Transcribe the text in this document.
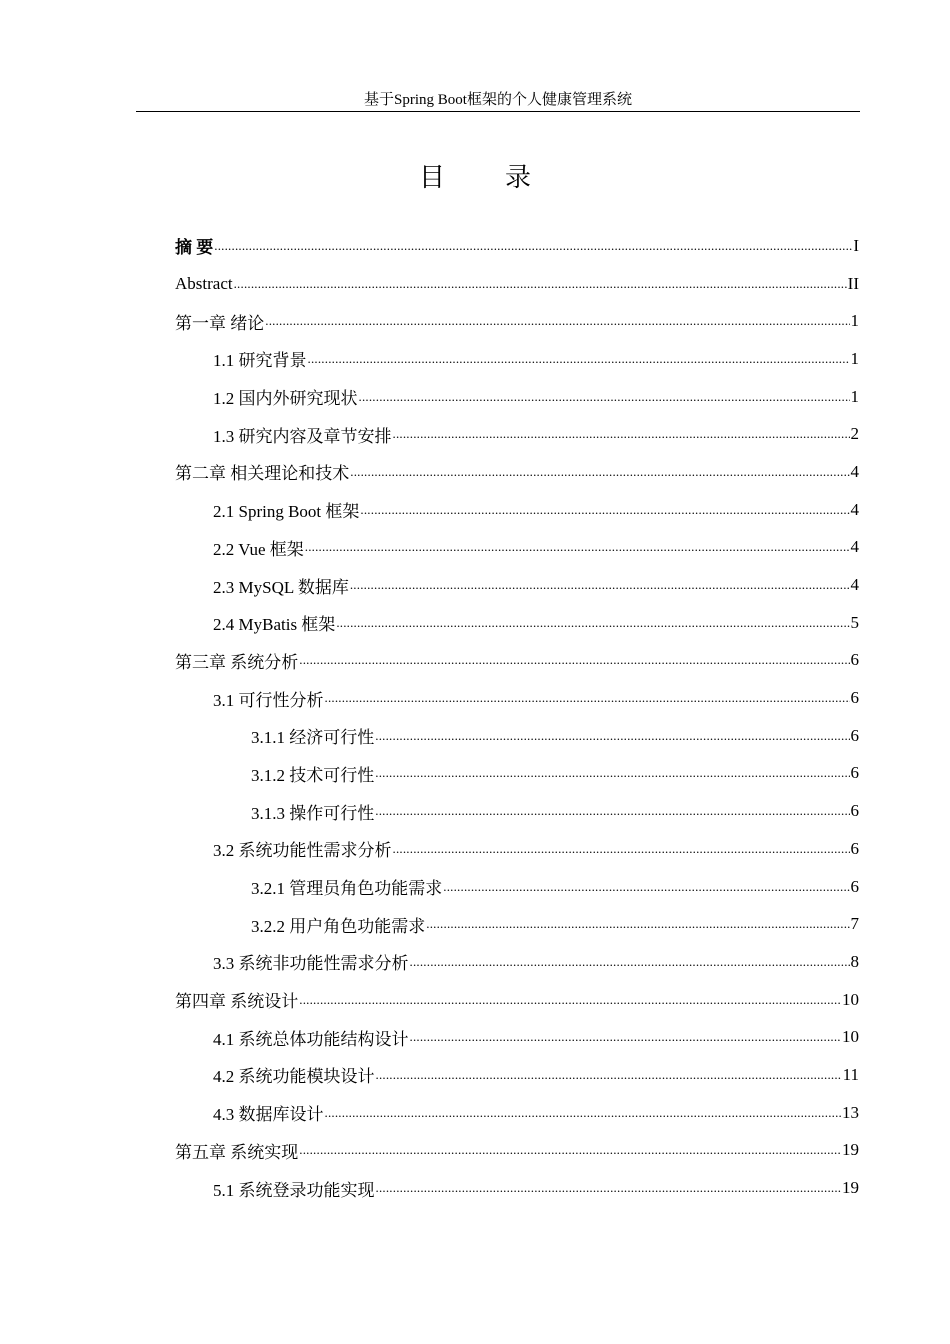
基于Spring Boot框架的个人健康管理系统
目 录
摘 要 .....	I
Abstract .....	II
第一章 绪论 .....	1
1.1 研究背景 .....	1
1.2 国内外研究现状 .....	1
1.3 研究内容及章节安排 .....	2
第二章 相关理论和技术 .....	4
2.1 Spring Boot 框架 .....	4
2.2 Vue 框架 .....	4
2.3 MySQL 数据库 .....	4
2.4 MyBatis 框架 .....	5
第三章 系统分析 .....	6
3.1 可行性分析 .....	6
3.1.1 经济可行性 .....	6
3.1.2 技术可行性 .....	6
3.1.3 操作可行性 .....	6
3.2 系统功能性需求分析 .....	6
3.2.1 管理员角色功能需求 .....	6
3.2.2 用户角色功能需求 .....	7
3.3 系统非功能性需求分析 .....	8
第四章 系统设计 .....	10
4.1 系统总体功能结构设计 .....	10
4.2 系统功能模块设计 .....	11
4.3 数据库设计 .....	13
第五章 系统实现 .....	19
5.1 系统登录功能实现 .....	19
